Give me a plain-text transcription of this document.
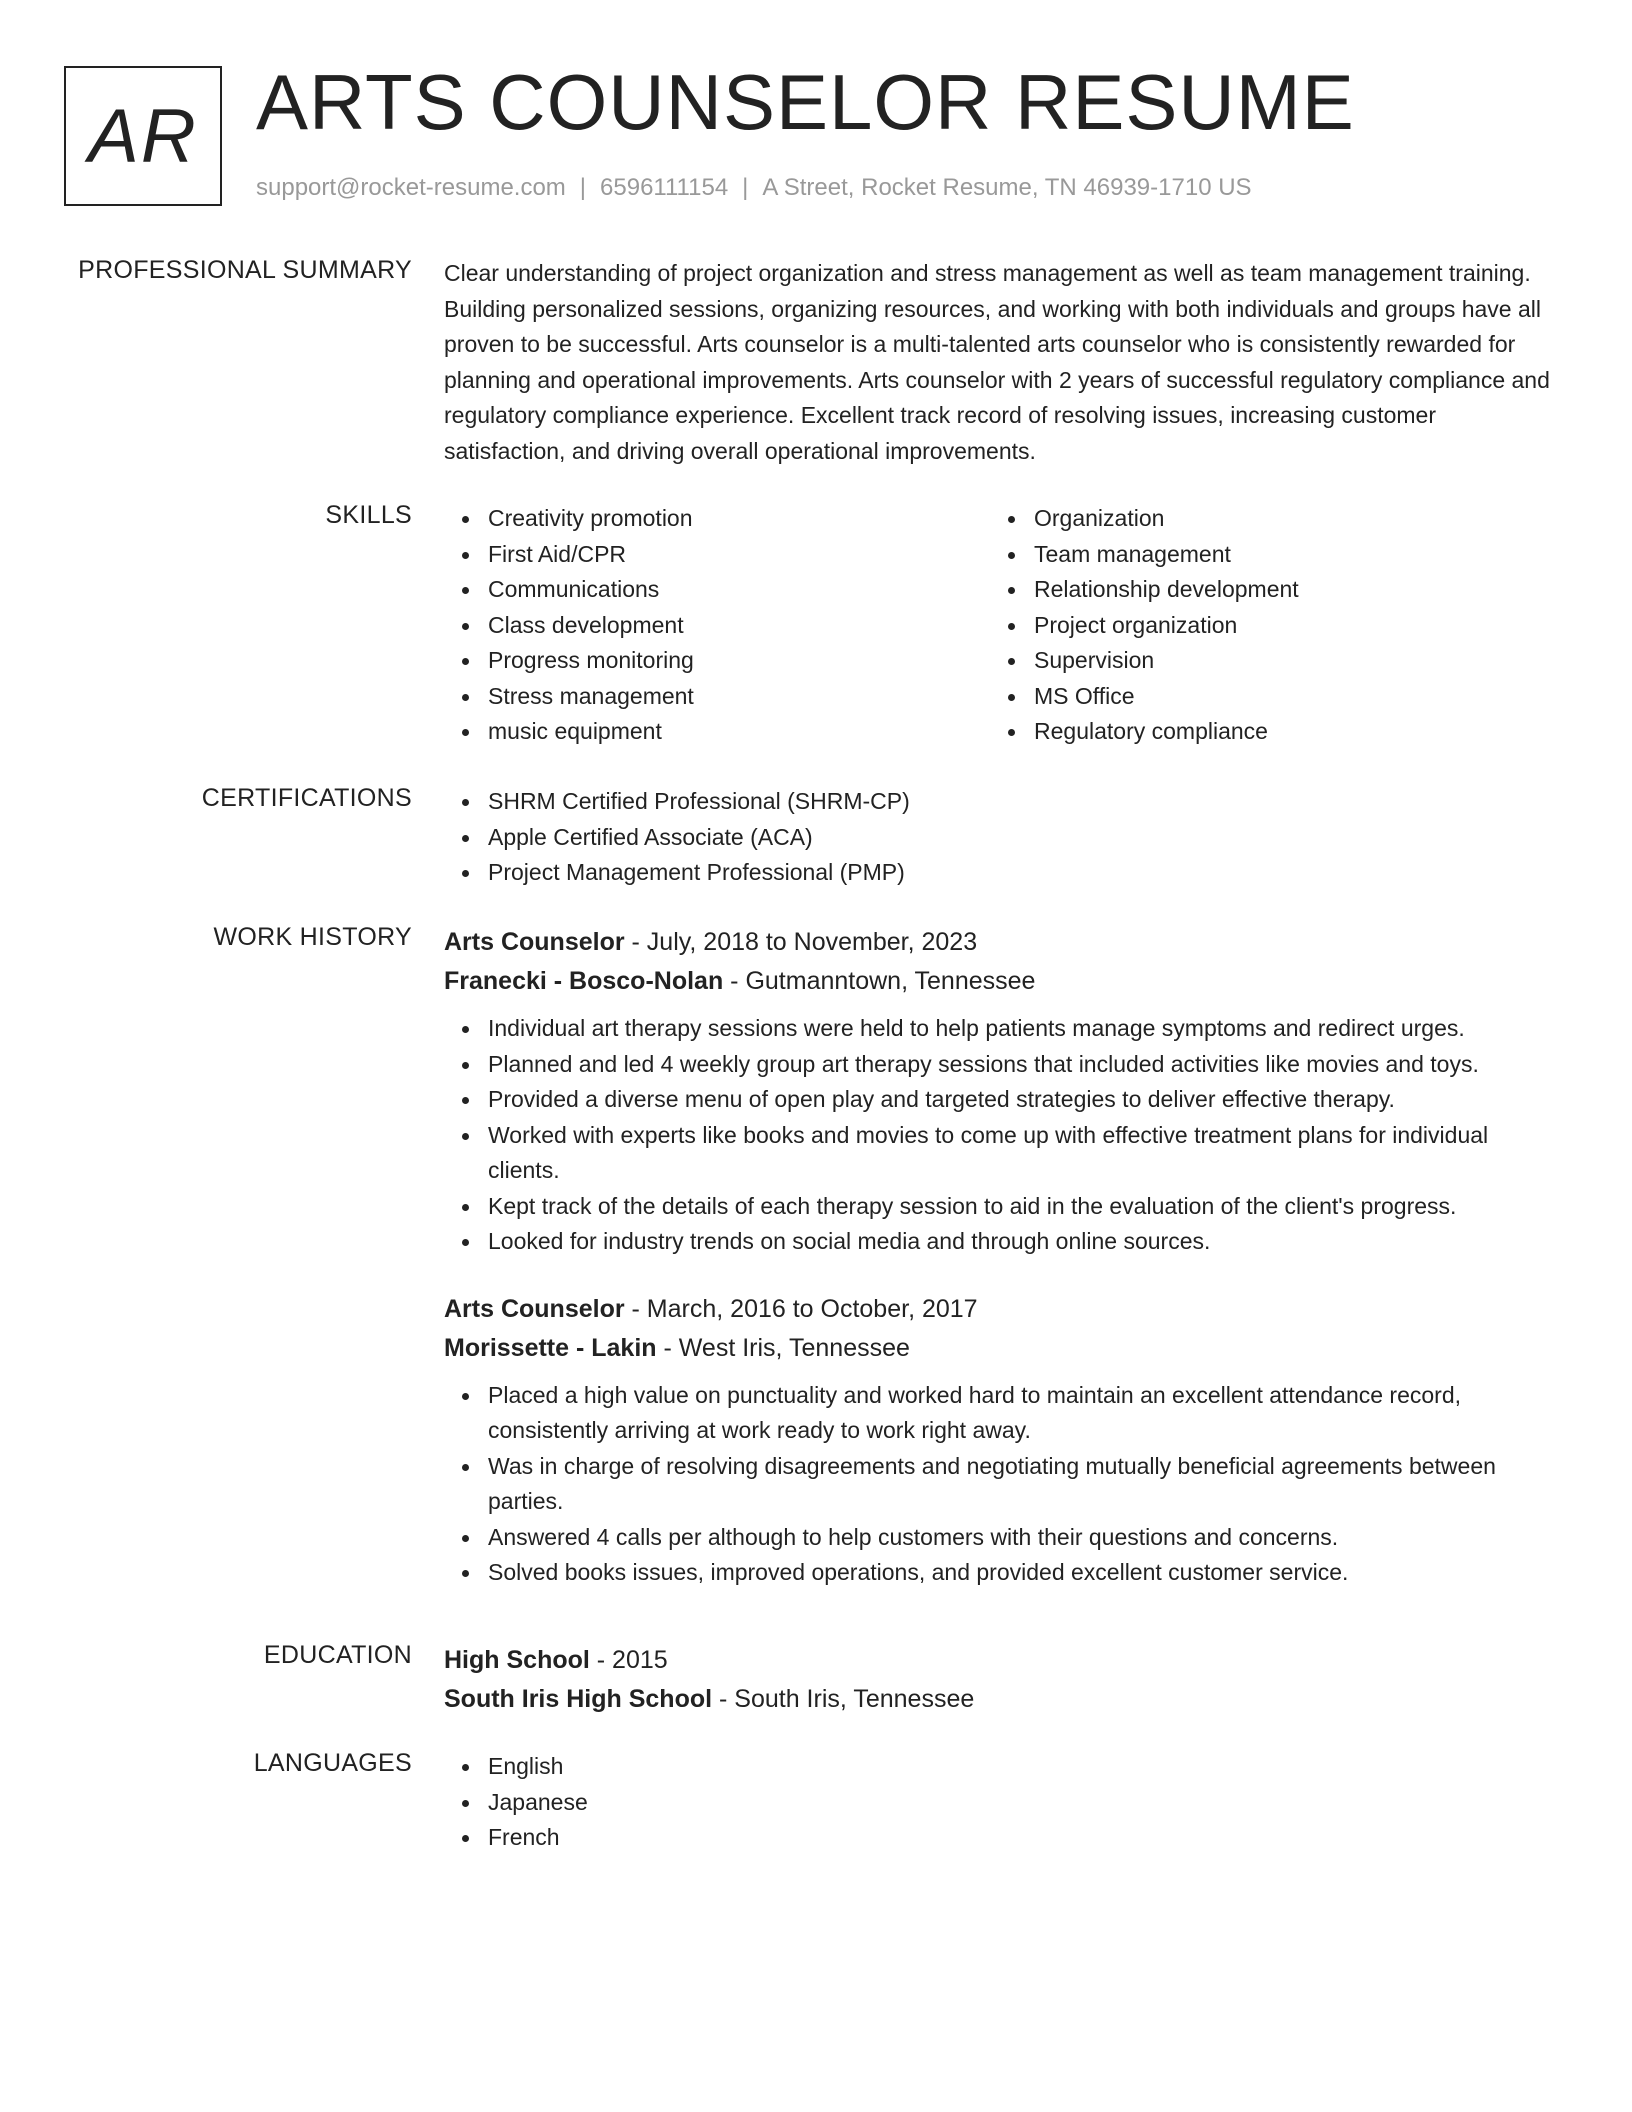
AR ARTS COUNSELOR RESUME
support@rocket-resume.com | 6596111154 | A Street, Rocket Resume, TN 46939-1710 US
PROFESSIONAL SUMMARY Clear understanding of project organization and stress management as well as team management training. Building personalized sessions, organizing resources, and working with both individuals and groups have all proven to be successful. Arts counselor is a multi-talented arts counselor who is consistently rewarded for planning and operational improvements. Arts counselor with 2 years of successful regulatory compliance and regulatory compliance experience. Excellent track record of resolving issues, increasing customer satisfaction, and driving overall operational improvements.

SKILLS	Creativity promotion
First Aid/CPR
Communications
Class development
Progress monitoring
Stress management
music equipment
Organization
Team management
Relationship development
Project organization
Supervision
MS Office
Regulatory compliance
CERTIFICATIONS	SHRM Certified Professional (SHRM-CP)
Apple Certified Associate (ACA)
Project Management Professional (PMP)
WORK HISTORY Arts Counselor - July, 2018 to November, 2023
Franecki - Bosco-Nolan - Gutmanntown, Tennessee
Individual art therapy sessions were held to help patients manage symptoms and redirect urges.
Planned and led 4 weekly group art therapy sessions that included activities like movies and toys.
Provided a diverse menu of open play and targeted strategies to deliver effective therapy.
Worked with experts like books and movies to come up with effective treatment plans for individual clients.
Kept track of the details of each therapy session to aid in the evaluation of the client's progress.
Looked for industry trends on social media and through online sources.
Arts Counselor - March, 2016 to October, 2017
Morissette - Lakin - West Iris, Tennessee
Placed a high value on punctuality and worked hard to maintain an excellent attendance record, consistently arriving at work ready to work right away.
Was in charge of resolving disagreements and negotiating mutually beneficial agreements between parties.
Answered 4 calls per although to help customers with their questions and concerns.
Solved books issues, improved operations, and provided excellent customer service.
EDUCATION High School - 2015
South Iris High School - South Iris, Tennessee
LANGUAGES	English
Japanese
French
